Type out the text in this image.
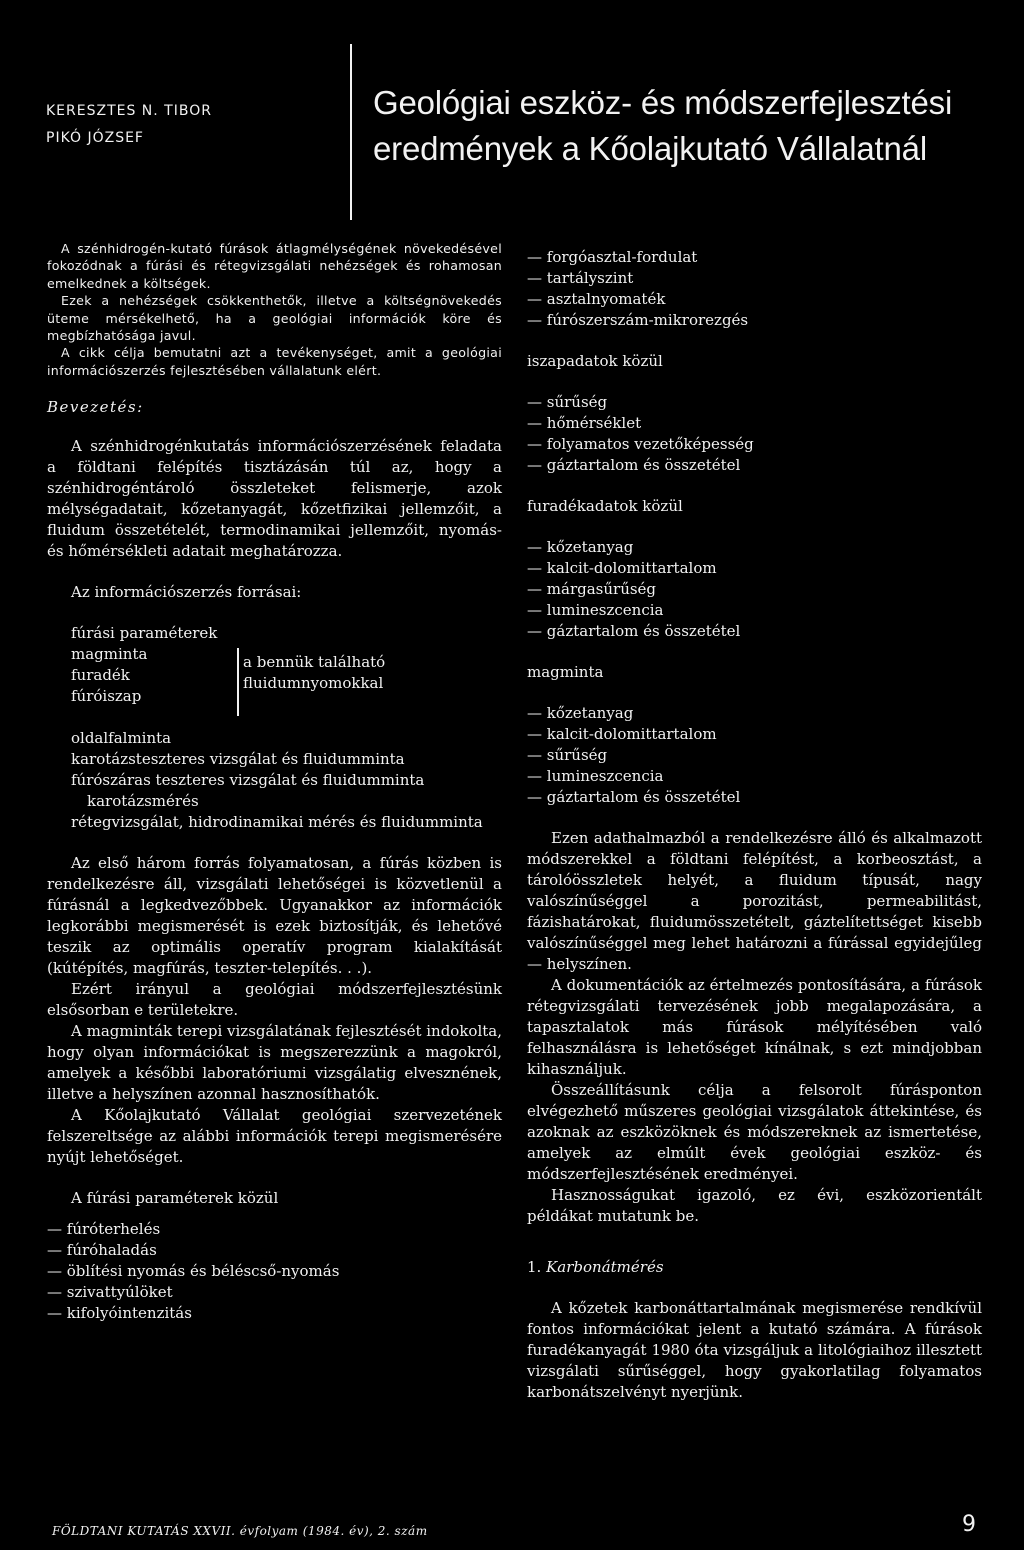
KERESZTES N. TIBOR
PIKÓ JÓZSEF
Geológiai eszköz- és módszerfejlesztési
eredmények a Kőolajkutató Vállalatnál

A szénhidrogén-kutató fúrások átlagmélységének növekedésével fokozódnak a fúrási és rétegvizsgálati nehézségek és rohamosan emelkednek a költségek.

Ezek a nehézségek csökkenthetők, illetve a költségnövekedés üteme mérsékelhető, ha a geológiai információk köre és megbízhatósága javul.

A cikk célja bemutatni azt a tevékenységet, amit a geológiai információszerzés fejlesztésében vállalatunk elért.

Bevezetés:

A szénhidrogénkutatás információszerzésének feladata a földtani felépítés tisztázásán túl az, hogy a szénhidrogéntároló összleteket felismerje, azok mélységadatait, kőzetanyagát, kőzetfizikai jellemzőit, a fluidum összetételét, termodinamikai jellemzőit, nyomás- és hőmérsékleti adatait meghatározza.

Az információszerzés forrásai:

fúrási paraméterek

magminta
furadék
fúróiszap
a bennük található
fluidumnyomokkal
oldalfalminta
karotázsteszteres vizsgálat és fluidumminta
fúrószáras teszteres vizsgálat és fluidumminta
karotázsmérés
rétegvizsgálat, hidrodinamikai mérés és fluidumminta

Az első három forrás folyamatosan, a fúrás közben is rendelkezésre áll, vizsgálati lehetőségei is közvetlenül a fúrásnál a legkedvezőbbek. Ugyanakkor az információk legkorábbi megismerését is ezek biztosítják, és lehetővé teszik az optimális operatív program kialakítását (kútépítés, magfúrás, teszter-telepítés. . .).

Ezért irányul a geológiai módszerfejlesztésünk elsősorban e területekre.

A magminták terepi vizsgálatának fejlesztését indokolta, hogy olyan információkat is megszerezzünk a magokról, amelyek a későbbi laboratóriumi vizsgálatig elvesznének, illetve a helyszínen azonnal hasznosíthatók.

A Kőolajkutató Vállalat geológiai szervezetének felszereltsége az alábbi információk terepi megismerésére nyújt lehetőséget.

A fúrási paraméterek közül

— fúróterhelés
— fúróhaladás
— öblítési nyomás és béléscső-nyomás
— szivattyúlöket
— kifolyóintenzitás
— forgóasztal-fordulat
— tartályszint
— asztalnyomaték
— fúrószerszám-mikrorezgés

iszapadatok közül

— sűrűség
— hőmérséklet
— folyamatos vezetőképesség
— gáztartalom és összetétel

furadékadatok közül

— kőzetanyag
— kalcit-dolomittartalom
— márgasűrűség
— lumineszcencia
— gáztartalom és összetétel

magminta

— kőzetanyag
— kalcit-dolomittartalom
— sűrűség
— lumineszcencia
— gáztartalom és összetétel

Ezen adathalmazból a rendelkezésre álló és alkalmazott módszerekkel a földtani felépítést, a korbeosztást, a tárolóösszletek helyét, a fluidum típusát, nagy valószínűséggel a porozitást, permeabilitást, fázishatárokat, fluidumösszetételt, gáztelítettséget kisebb valószínűséggel meg lehet határozni a fúrással egyidejűleg — helyszínen.

A dokumentációk az értelmezés pontosítására, a fúrások rétegvizsgálati tervezésének jobb megalapozására, a tapasztalatok más fúrások mélyítésében való felhasználásra is lehetőséget kínálnak, s ezt mindjobban kihasználjuk.

Összeállításunk célja a felsorolt fúrásponton elvégezhető műszeres geológiai vizsgálatok áttekintése, és azoknak az eszközöknek és módszereknek az ismertetése, amelyek az elmúlt évek geológiai eszköz- és módszerfejlesztésének eredményei.

Hasznosságukat igazoló, ez évi, eszközorientált példákat mutatunk be.

1. Karbonátmérés

A kőzetek karbonáttartalmának megismerése rendkívül fontos információkat jelent a kutató számára. A fúrások furadékanyagát 1980 óta vizsgáljuk a litológiaihoz illesztett vizsgálati sűrűséggel, hogy gyakorlatilag folyamatos karbonátszelvényt nyerjünk.

FÖLDTANI KUTATÁS XXVII. évfolyam (1984. év), 2. szám	9
